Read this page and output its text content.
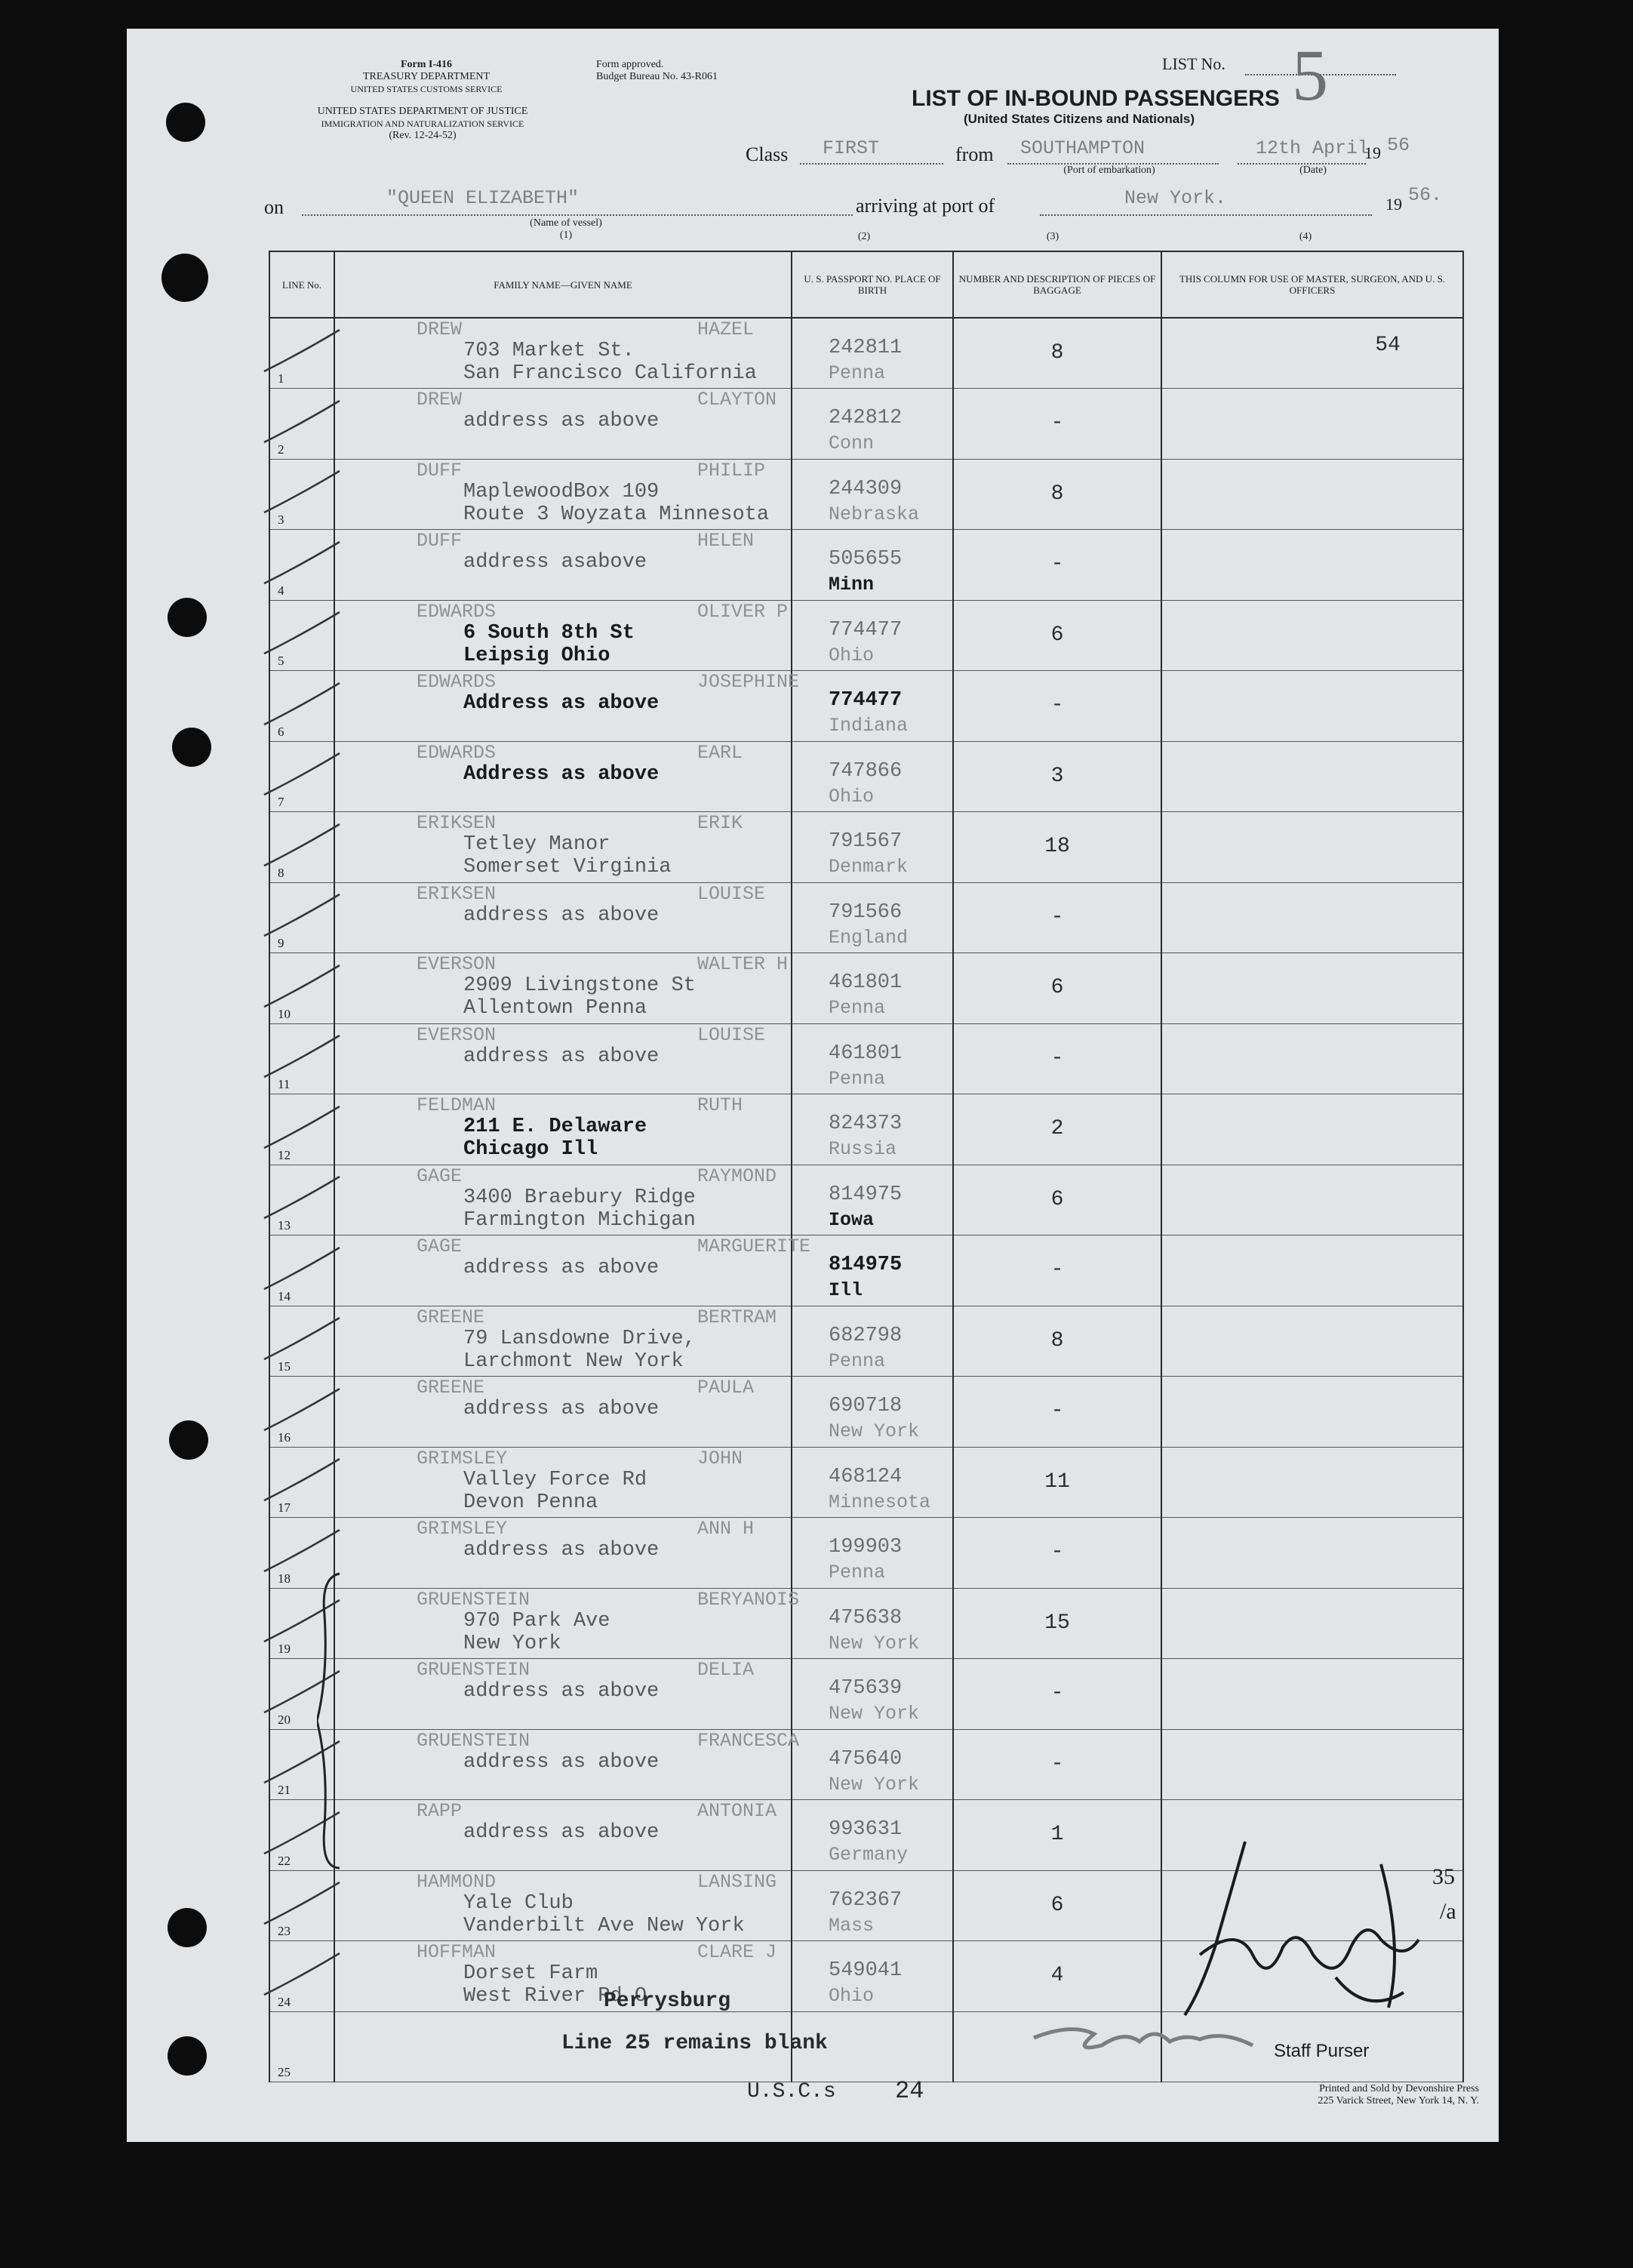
Form I-416
TREASURY DEPARTMENT
UNITED STATES CUSTOMS SERVICE
UNITED STATES DEPARTMENT OF JUSTICE
IMMIGRATION AND NATURALIZATION SERVICE
(Rev. 12-24-52)
Form approved.
Budget Bureau No. 43-R061
LIST No. 5
LIST OF IN-BOUND PASSENGERS
(United States Citizens and Nationals)
Class FIRST	from SOUTHAMPTON
(Port of embarkation)
12th April
19 56
(Date)
on	"QUEEN ELIZABETH"
(Name of vessel)
(1)
arriving at port of	New York.	19 56.
(2)	(3)	(4)
LINE No.	FAMILY NAME—GIVEN NAME	U. S. PASSPORT NO. PLACE OF BIRTH	NUMBER AND DESCRIPTION OF PIECES OF BAGGAGE	THIS COLUMN FOR USE OF MASTER, SURGEON, AND U. S. OFFICERS

1	DREW HAZEL
703 Market St.
San Francisco California	242811
Penna	8	54

2	DREW CLAYTON
address as above	242812
Conn	-	

3	DUFF PHILIP
MaplewoodBox 109
Route 3 Woyzata Minnesota	244309
Nebraska	8	

4	DUFF HELEN
address asabove	505655
Minn	-	

5	EDWARDS OLIVER P
6 South 8th St
Leipsig Ohio	774477
Ohio	6	

6	EDWARDS JOSEPHINE
Address as above	774477
Indiana	-	

7	EDWARDS EARL
Address as above	747866
Ohio	3	

8	ERIKSEN ERIK
Tetley Manor
Somerset Virginia	791567
Denmark	18	

9	ERIKSEN LOUISE
address as above	791566
England	-	

10	EVERSON WALTER H
2909 Livingstone St
Allentown Penna	461801
Penna	6	

11	EVERSON LOUISE
address as above	461801
Penna	-	

12	FELDMAN RUTH
211 E. Delaware
Chicago Ill	824373
Russia	2	

13	GAGE RAYMOND
3400 Braebury Ridge
Farmington Michigan	814975
Iowa	6	

14	GAGE MARGUERITE
address as above	814975
Ill	-	

15	GREENE BERTRAM
79 Lansdowne Drive,
Larchmont New York	682798
Penna	8	

16	GREENE PAULA
address as above	690718
New York	-	

17	GRIMSLEY JOHN
Valley Force Rd
Devon Penna	468124
Minnesota	11	

18	GRIMSLEY ANN H
address as above	199903
Penna	-	

19	GRUENSTEIN BERYANOIS
970 Park Ave
New York	475638
New York	15	

20	GRUENSTEIN DELIA
address as above	475639
New York	-	

21	GRUENSTEIN FRANCESCA
address as above	475640
New York	-	

22	RAPP ANTONIA
address as above	993631
Germany	1	

23	HAMMOND LANSING
Yale Club
Vanderbilt Ave New York	762367
Mass	6	

24	HOFFMAN CLARE J
Dorset Farm
West River Rd O	549041
Ohio	4	

25				

Perrysburg
Line 25 remains blank	Staff Purser
35
/a
U.S.C.s 24	Printed and Sold by Devonshire Press
225 Varick Street, New York 14, N. Y.
